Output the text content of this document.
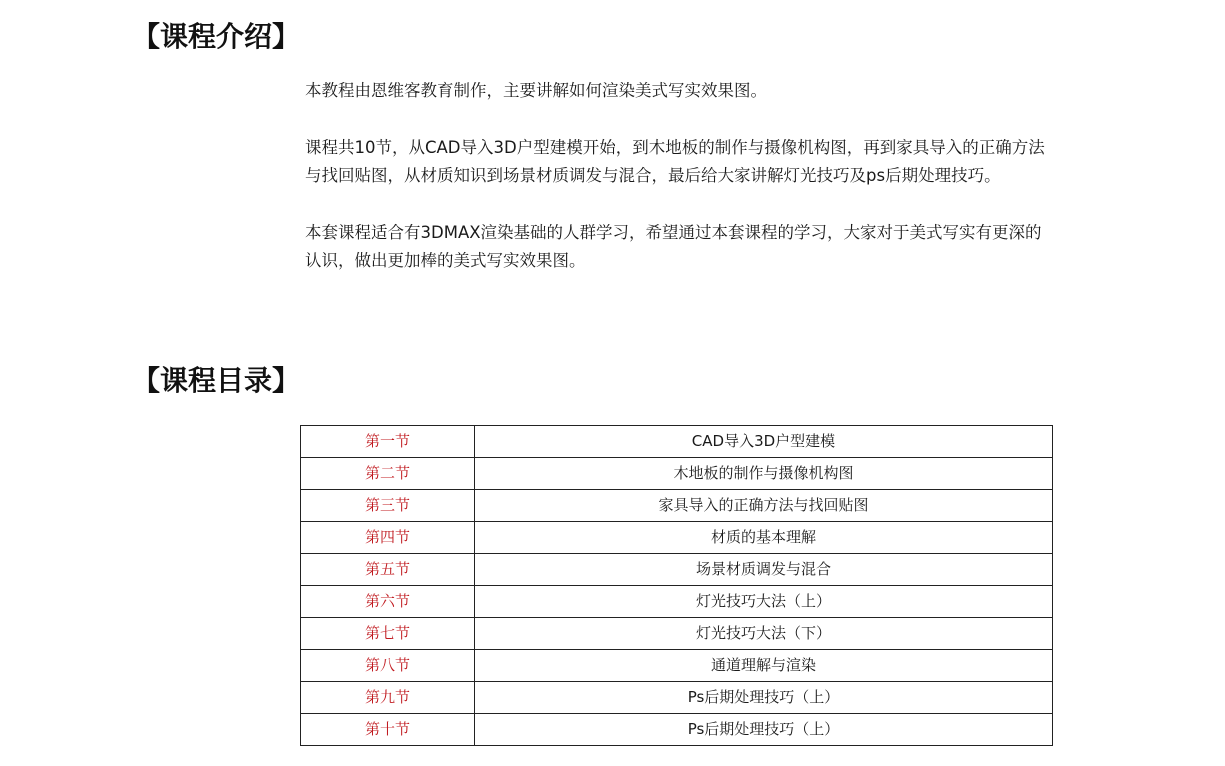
【课程介绍】

本教程由恩维客教育制作，主要讲解如何渲染美式写实效果图。

课程共10节，从CAD导入3D户型建模开始，到木地板的制作与摄像机构图，再到家具导入的正确方法与找回贴图，从材质知识到场景材质调发与混合，最后给大家讲解灯光技巧及ps后期处理技巧。

本套课程适合有3DMAX渲染基础的人群学习，希望通过本套课程的学习，大家对于美式写实有更深的认识，做出更加棒的美式写实效果图。

【课程目录】
第一节	CAD导入3D户型建模
第二节	木地板的制作与摄像机构图
第三节	家具导入的正确方法与找回贴图
第四节	材质的基本理解
第五节	场景材质调发与混合
第六节	灯光技巧大法（上）
第七节	灯光技巧大法（下）
第八节	通道理解与渲染
第九节	Ps后期处理技巧（上）
第十节	Ps后期处理技巧（上）
